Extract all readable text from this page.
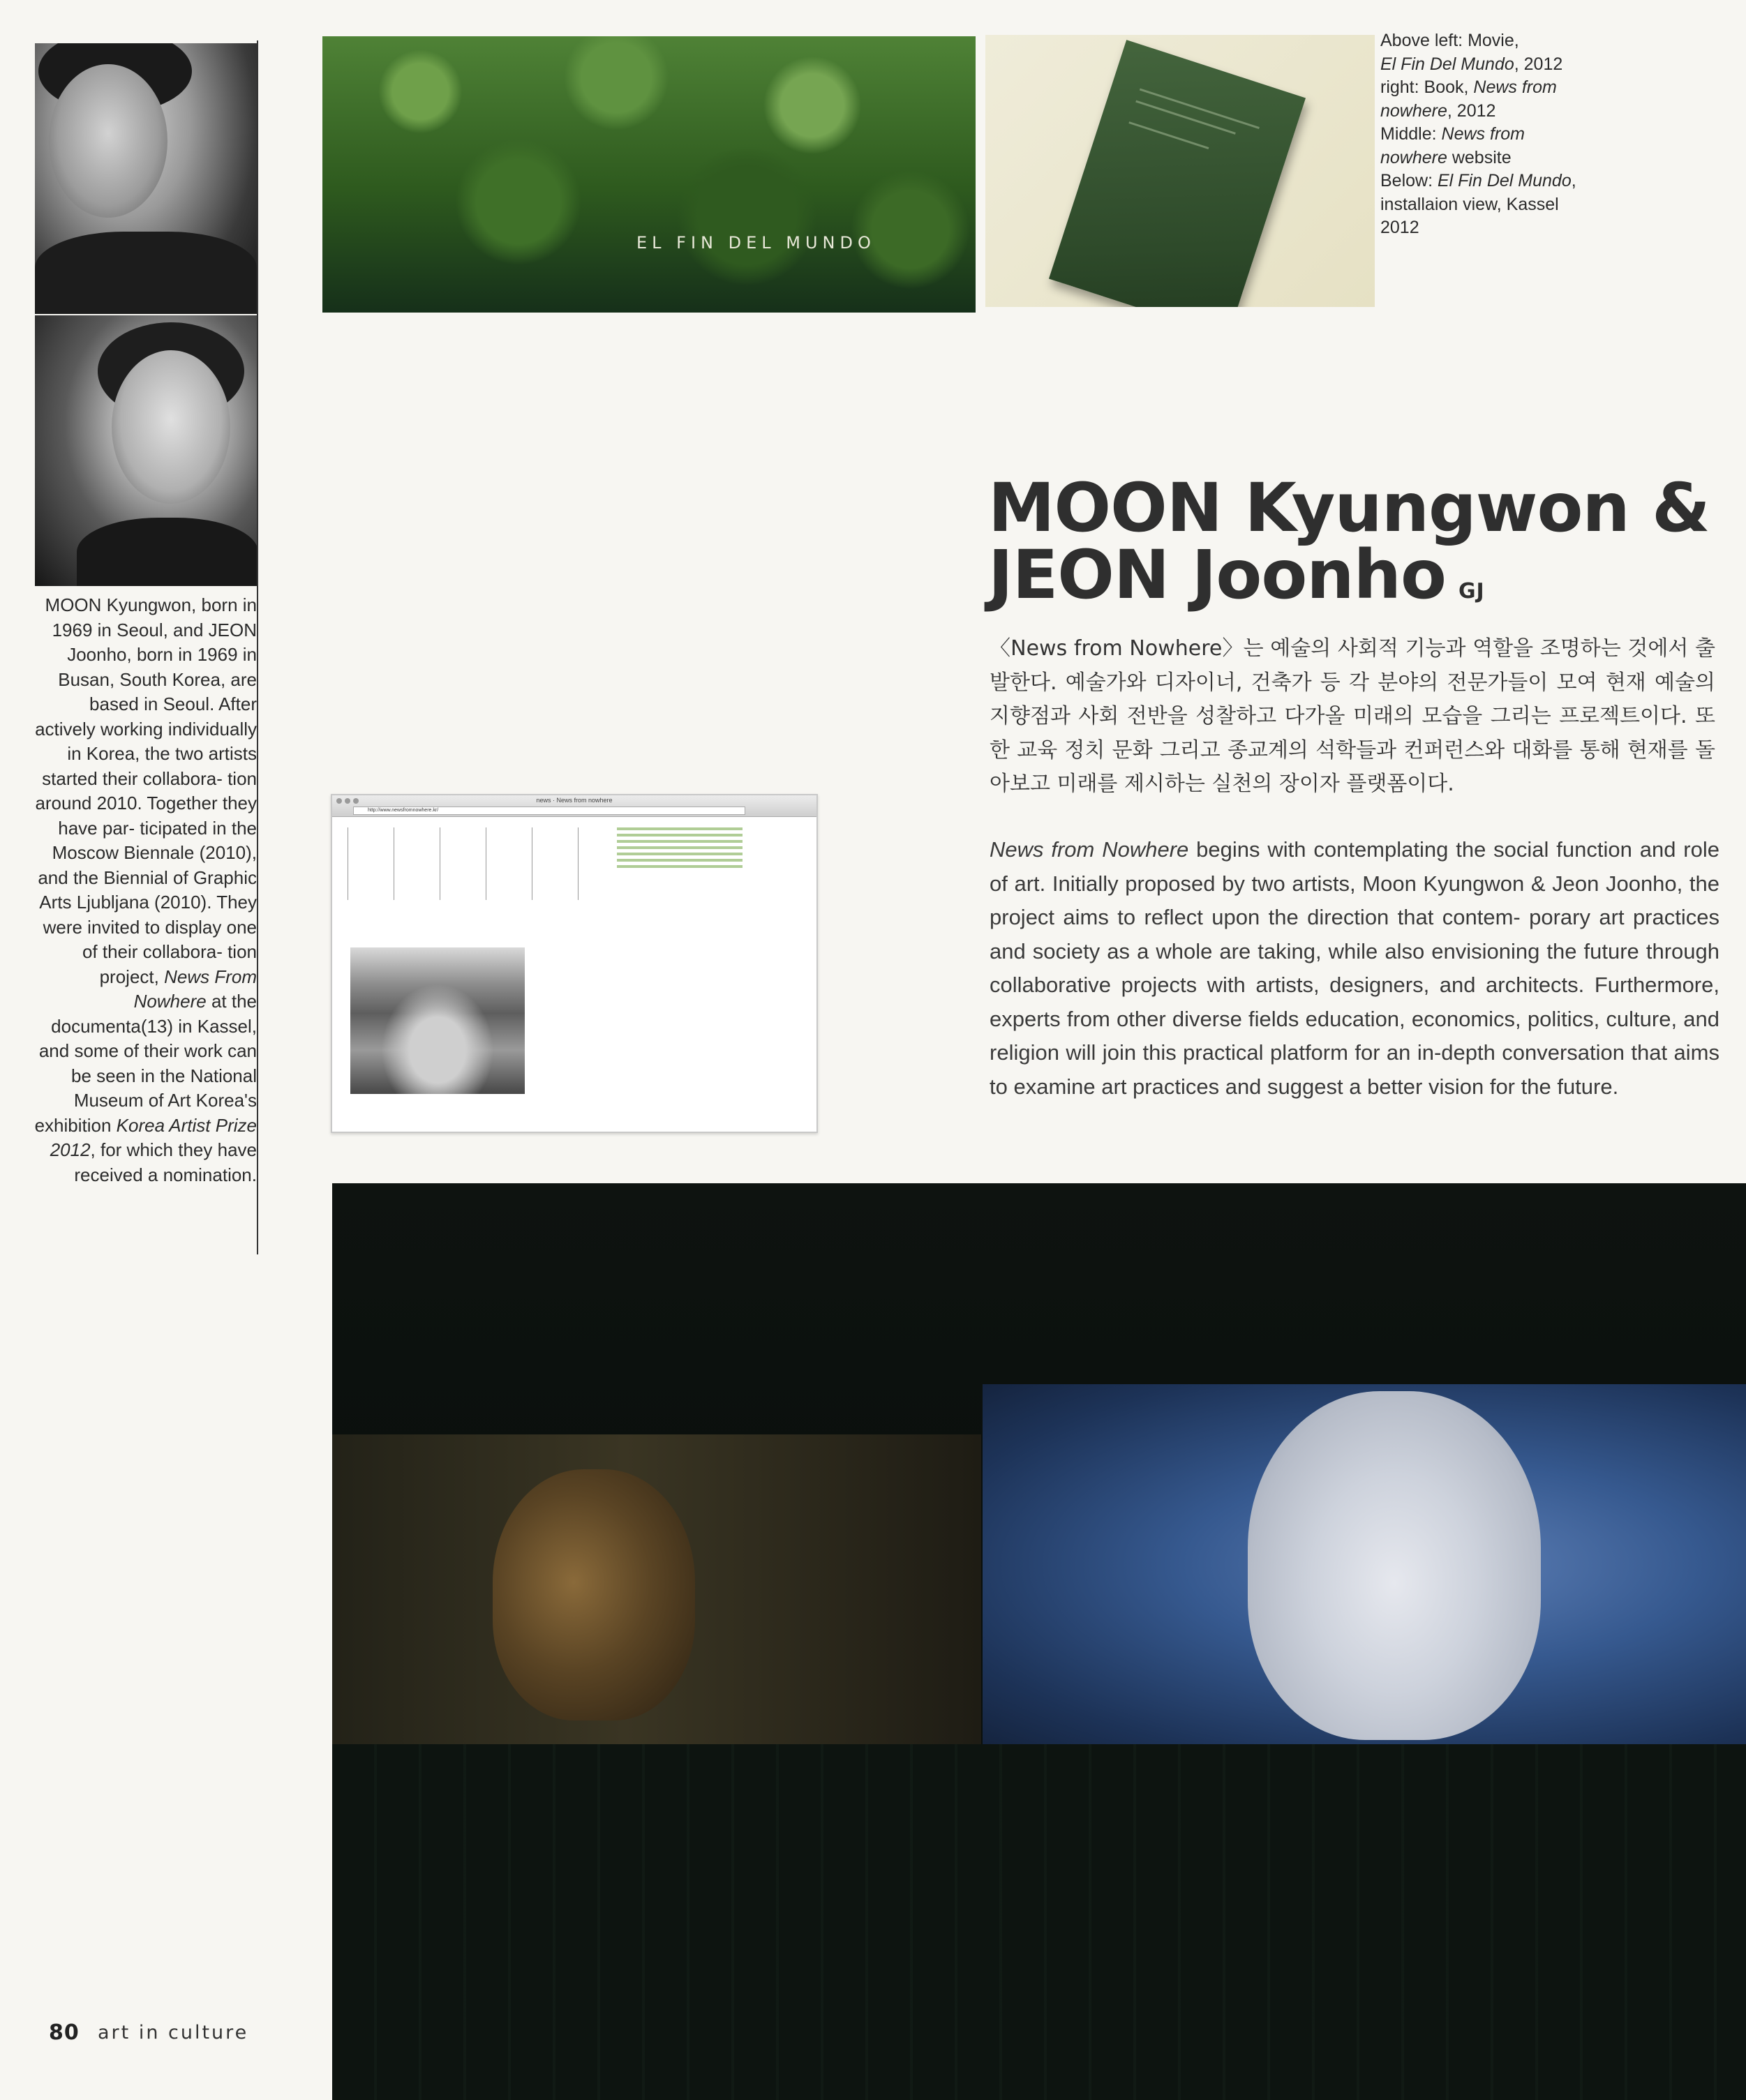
MOON Kyungwon, born in 1969 in Seoul, and JEON Joonho, born in 1969 in Busan, South Korea, are based in Seoul. After actively working individually in Korea, the two artists started their collabora- tion around 2010. Together they have par- ticipated in the Moscow Biennale (2010), and the Biennial of Graphic Arts Ljubljana (2010). They were invited to display one of their collabora- tion project, News From Nowhere at the documenta(13) in Kassel, and some of their work can be seen in the National Museum of Art Korea's exhibition Korea Artist Prize 2012, for which they have received a nomination.
EL FIN DEL MUNDO
Above left: Movie,
El Fin Del Mundo, 2012
right: Book, News from nowhere, 2012
Middle: News from nowhere website
Below: El Fin Del Mundo, installaion view, Kassel 2012
MOON Kyungwon &
JEON Joonho GJ
〈News from Nowhere〉는 예술의 사회적 기능과 역할을 조명하는 것에서 출발한다. 예술가와 디자이너, 건축가 등 각 분야의 전문가들이 모여 현재 예술의 지향점과 사회 전반을 성찰하고 다가올 미래의 모습을 그리는 프로젝트이다. 또한 교육 정치 문화 그리고 종교계의 석학들과 컨퍼런스와 대화를 통해 현재를 돌아보고 미래를 제시하는 실천의 장이자 플랫폼이다.
News from Nowhere begins with contemplating the social function and role of art. Initially proposed by two artists, Moon Kyungwon & Jeon Joonho, the project aims to reflect upon the direction that contem- porary art practices and society as a whole are taking, while also envisioning the future through collaborative projects with artists, designers, and architects. Furthermore, experts from other diverse fields education, economics, politics, culture, and religion will join this practical platform for an in-depth conversation that aims to examine art practices and suggest a better vision for the future.
news · News from nowhere
http://www.newsfromnowhere.kr/
80 art in culture
